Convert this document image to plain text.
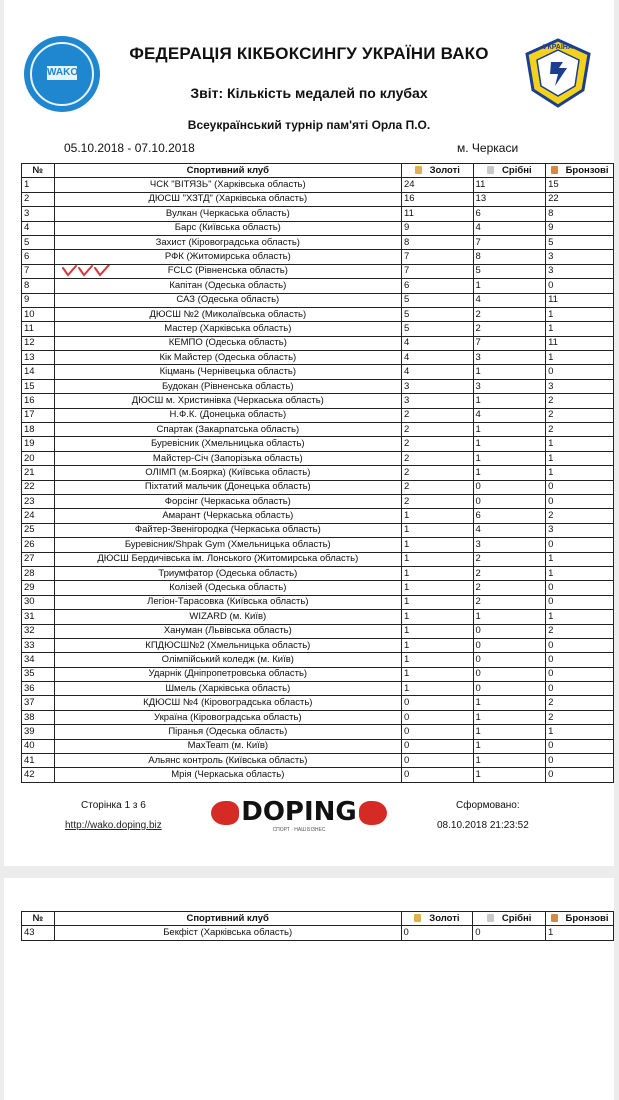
WAKO
УКРАЇНА
ФЕДЕРАЦІЯ КІКБОКСИНГУ УКРАЇНИ ВАКО
Звіт: Кількість медалей по клубах
Всеукраїнський турнір пам'яті Орла П.О.
05.10.2018 - 07.10.2018	м. Черкаси
№	Спортивний клуб	Золоті	Срібні	Бронзові
1	ЧСК "ВІТЯЗЬ" (Харківська область)	24	11	15
2	ДЮСШ "ХЗТД" (Харківська область)	16	13	22
3	Вулкан (Черкаська область)	11	6	8
4	Барс (Київська область)	9	4	9
5	Захист (Кіровоградська область)	8	7	5
6	РФК (Житомирська область)	7	8	3
7	FCLC (Рівненська область)	7	5	3
8	Капітан (Одеська область)	6	1	0
9	САЗ (Одеська область)	5	4	11
10	ДЮСШ №2 (Миколаївська область)	5	2	1
11	Мастер (Харківська область)	5	2	1
12	КЕМПО (Одеська область)	4	7	11
13	Кік Майстер (Одеська область)	4	3	1
14	Кіцмань (Чернівецька область)	4	1	0
15	Будокан (Рівненська область)	3	3	3
16	ДЮСШ м. Христинівка (Черкаська область)	3	1	2
17	Н.Ф.К. (Донецька область)	2	4	2
18	Спартак (Закарпатська область)	2	1	2
19	Буревісник (Хмельницька область)	2	1	1
20	Майстер-Січ (Запорізька область)	2	1	1
21	ОЛІМП (м.Боярка) (Київська область)	2	1	1
22	Піхтатий мальчик (Донецька область)	2	0	0
23	Форсінг (Черкаська область)	2	0	0
24	Амарант (Черкаська область)	1	6	2
25	Файтер-Звенігородка (Черкаська область)	1	4	3
26	Буревісник/Shpak Gym (Хмельницька область)	1	3	0
27	ДЮСШ Бердичівська ім. Лонського (Житомирська область)	1	2	1
28	Триумфатор (Одеська область)	1	2	1
29	Колізей (Одеська область)	1	2	0
30	Легіон-Тарасовка (Київська область)	1	2	0
31	WIZARD (м. Київ)	1	1	1
32	Хануман (Львівська область)	1	0	2
33	КПДЮСШ№2 (Хмельницька область)	1	0	0
34	Олімпійський коледж (м. Київ)	1	0	0
35	Ударнік (Дніпропетровська область)	1	0	0
36	Шмель (Харківська область)	1	0	0
37	КДЮСШ №4 (Кіровоградська область)	0	1	2
38	Україна (Кіровоградська область)	0	1	2
39	Піранья (Одеська область)	0	1	1
40	MaxTeam (м. Київ)	0	1	0
41	Альянс контроль (Київська область)	0	1	0
42	Мрія (Черкаська область)	0	1	0
Сторінка 1 з 6
http://wako.doping.biz	DOPING
СПОРТ · НАШ БІЗНЕС
Сформовано:
08.10.2018 21:23:52
№	Спортивний клуб	Золоті	Срібні	Бронзові
43	Бекфіст (Харківська область)	0	0	1
